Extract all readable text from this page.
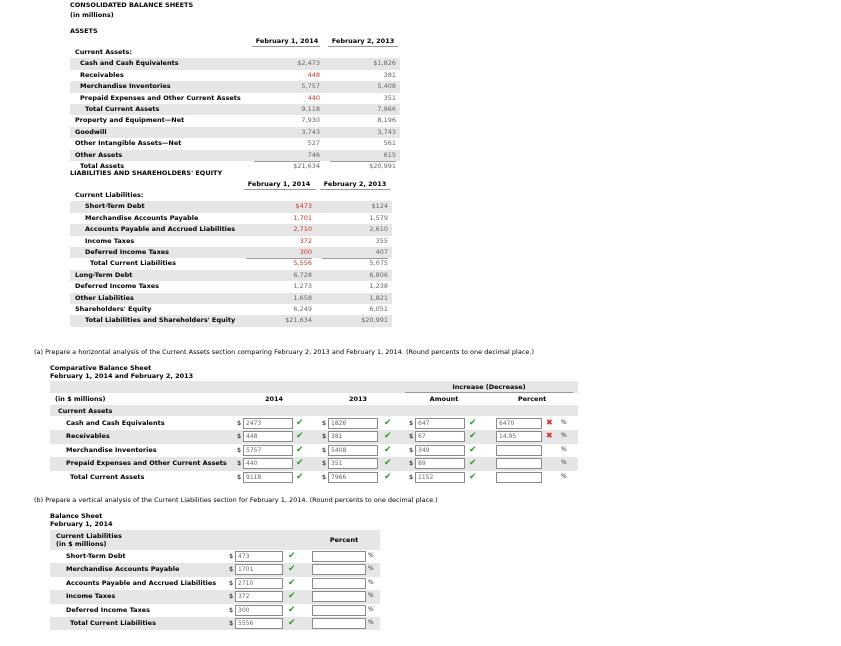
CONSOLIDATED BALANCE SHEETS
(in millions)
ASSETS
February 1, 2014	February 2, 2013
Current Assets:
Cash and Cash Equivalents	$2,473	$1,826
Receivables	448	381
Merchandise Inventories	5,757	5,408
Prepaid Expenses and Other Current Assets	440	351
Total Current Assets	9,118	7,966
Property and Equipment—Net	7,930	8,196
Goodwill	3,743	3,743
Other Intangible Assets—Net	527	561
Other Assets	746	615
Total Assets	$21,634	$20,991
LIABILITIES AND SHAREHOLDERS' EQUITY
February 1, 2014	February 2, 2013
Current Liabilities:
Short-Term Debt	$473	$124
Merchandise Accounts Payable	1,701	1,579
Accounts Payable and Accrued Liabilities	2,710	2,610
Income Taxes	372	355
Deferred Income Taxes	300	407
Total Current Liabilities	5,556	5,075
Long-Term Debt	6,728	6,806
Deferred Income Taxes	1,273	1,238
Other Liabilities	1,658	1,821
Shareholders' Equity	6,249	6,051
Total Liabilities and Shareholders' Equity	$21,634	$20,991
(a) Prepare a horizontal analysis of the Current Assets section comparing February 2, 2013 and February 1, 2014. (Round percents to one decimal place.)
Comparative Balance Sheet
February 1, 2014 and February 2, 2013
Increase (Decrease)
(in $ millions)	2014	2013	Amount	Percent
Current Assets
Cash and Cash Equivalents	$ 2473	✔	$ 1826	✔	$ 647	✔	6470	✖ %
Receivables	$ 448	✔	$ 381	✔	$ 67	✔	14.95	✖ %
Merchandise Inventories	$ 5757	✔	$ 5408	✔	$ 349	✔	%
Prepaid Expenses and Other Current Assets $ 440	✔	$ 351	✔	$ 89	✔	%
Total Current Assets	$ 9118	✔	$ 7966	✔	$ 1152	✔	%
(b) Prepare a vertical analysis of the Current Liabilities section for February 1, 2014. (Round percents to one decimal place.)
Balance Sheet
February 1, 2014
Current Liabilities
(in $ millions)	Percent
Short-Term Debt	$ 473	✔	%
Merchandise Accounts Payable	$ 1701	✔	%
Accounts Payable and Accrued Liabilities $ 2710	✔	%
Income Taxes	$ 372	✔	%
Deferred Income Taxes	$ 300	✔	%
Total Current Liabilities	$ 5556	✔	%
